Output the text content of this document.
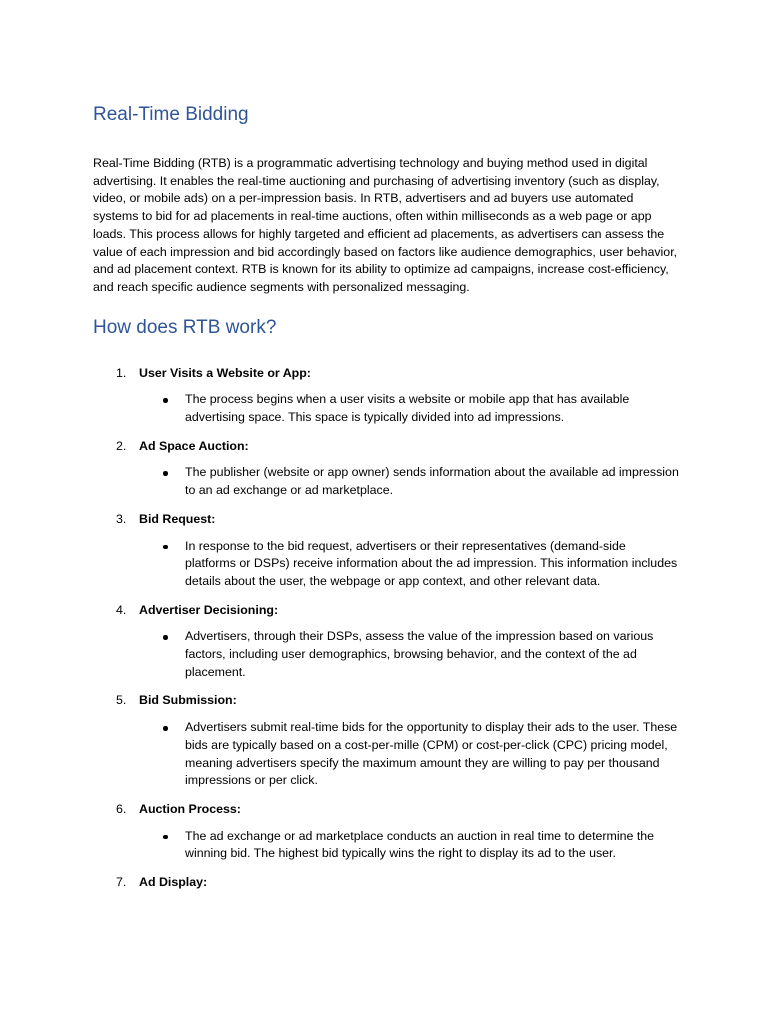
Real-Time Bidding

Real-Time Bidding (RTB) is a programmatic advertising technology and buying method used in digital advertising. It enables the real-time auctioning and purchasing of advertising inventory (such as display, video, or mobile ads) on a per-impression basis. In RTB, advertisers and ad buyers use automated systems to bid for ad placements in real-time auctions, often within milliseconds as a web page or app loads. This process allows for highly targeted and efficient ad placements, as advertisers can assess the value of each impression and bid accordingly based on factors like audience demographics, user behavior, and ad placement context. RTB is known for its ability to optimize ad campaigns, increase cost-efficiency, and reach specific audience segments with personalized messaging.

How does RTB work?
1. User Visits a Website or App:
The process begins when a user visits a website or mobile app that has available advertising space. This space is typically divided into ad impressions.
2. Ad Space Auction:
The publisher (website or app owner) sends information about the available ad impression to an ad exchange or ad marketplace.
3. Bid Request:
In response to the bid request, advertisers or their representatives (demand-side platforms or DSPs) receive information about the ad impression. This information includes details about the user, the webpage or app context, and other relevant data.
4. Advertiser Decisioning:
Advertisers, through their DSPs, assess the value of the impression based on various factors, including user demographics, browsing behavior, and the context of the ad placement.
5. Bid Submission:
Advertisers submit real-time bids for the opportunity to display their ads to the user. These bids are typically based on a cost-per-mille (CPM) or cost-per-click (CPC) pricing model, meaning advertisers specify the maximum amount they are willing to pay per thousand impressions or per click.
6. Auction Process:
The ad exchange or ad marketplace conducts an auction in real time to determine the winning bid. The highest bid typically wins the right to display its ad to the user.
7. Ad Display:
